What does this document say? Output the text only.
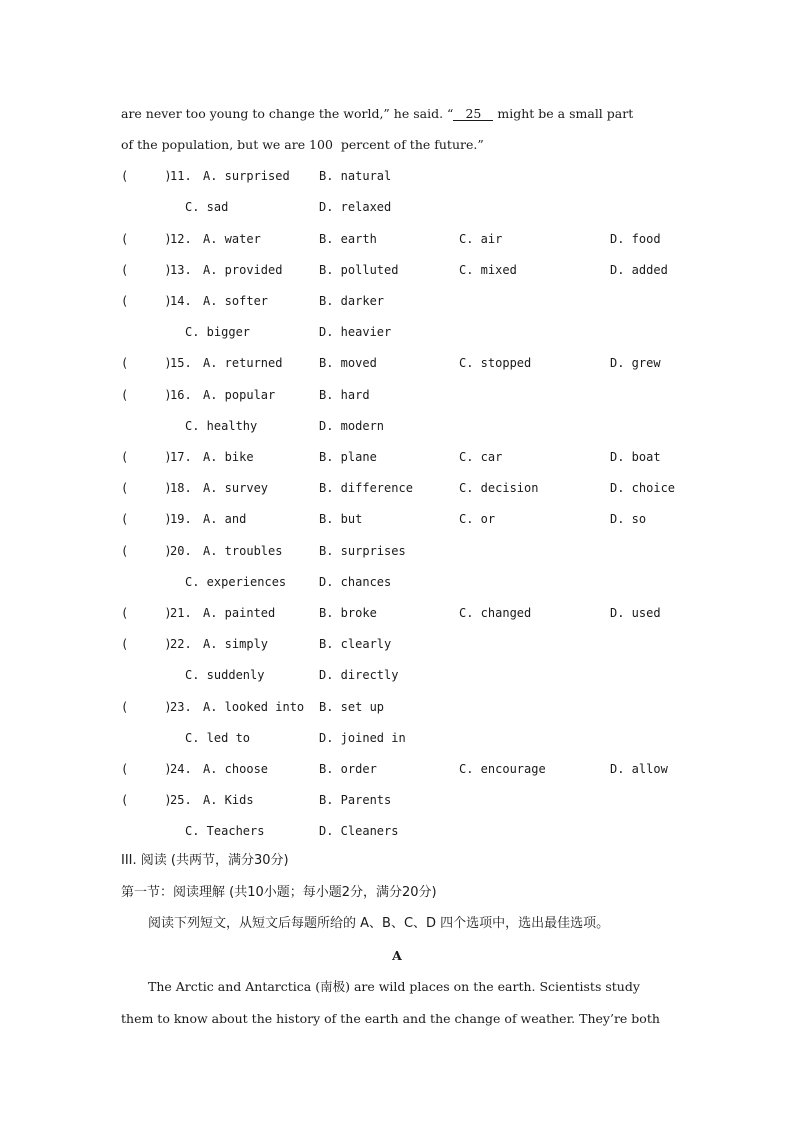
are never too young to change the world,” he said. “ 25 might be a small part
of the population, but we are 100  percent of the future.”
(     )
11. A. surprised B. natural
C. sad	D. relaxed
(     )
12. A. water	B. earth	C. air	D. food
(     )
13. A. provided	B. polluted	C. mixed	D. added
(     )
14. A. softer	B. darker
C. bigger	D. heavier
(     )
15. A. returned	B. moved	C. stopped	D. grew
(     )
16. A. popular	B. hard
C. healthy	D. modern
(     )
17. A. bike	B. plane	C. car	D. boat
(     )
18. A. survey	B. difference	C. decision	D. choice
(     )
19. A. and	B. but	C. or	D. so
(     )
20. A. troubles	B. surprises
C. experiences	D. chances
(     )
21. A. painted	B. broke	C. changed	D. used
(     )
22. A. simply	B. clearly
C. suddenly	D. directly
(     )
23. A. looked into B. set up
C. led to	D. joined in
(     )
24. A. choose	B. order	C. encourage	D. allow
(     )
25. A. Kids	B. Parents
C. Teachers	D. Cleaners
III. 阅读 (共两节，满分30分)
第一节：阅读理解 (共10小题；每小题2分，满分20分)
阅读下列短文，从短文后每题所给的 A、B、C、D 四个选项中，选出最佳选项。
A
The Arctic and Antarctica (南极) are wild places on the earth. Scientists study
them to know about the history of the earth and the change of weather. They’re both
